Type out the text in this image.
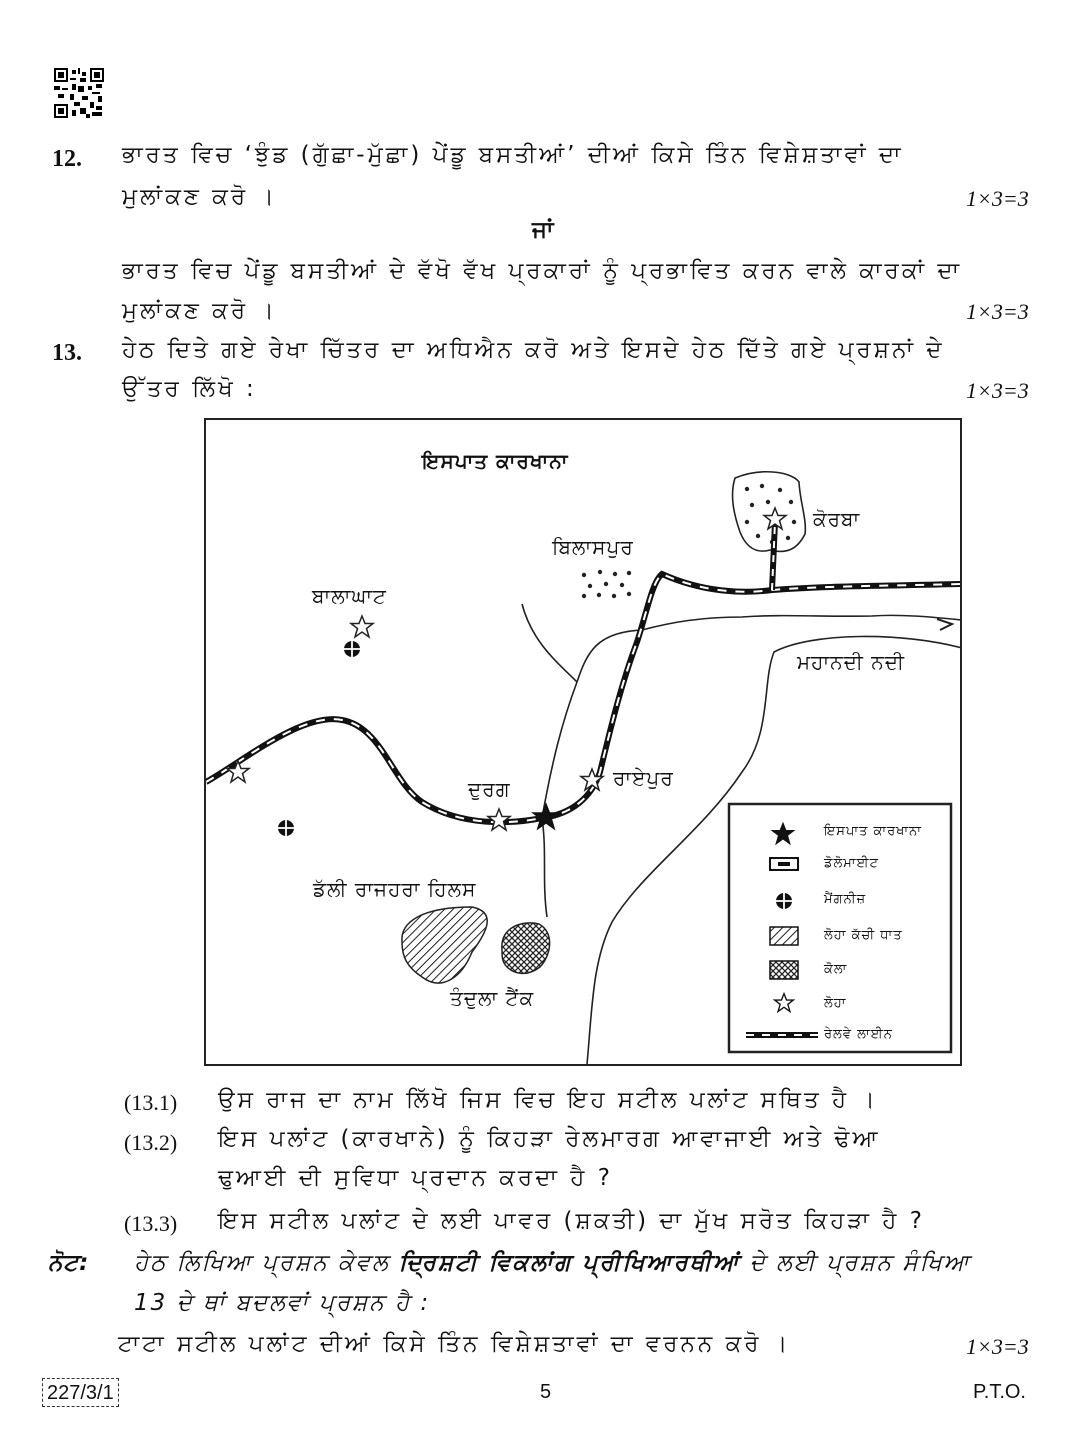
12. ਭਾਰਤ ਵਿਚ ‘ਝੁੰਡ (ਗੁੱਛਾ-ਮੁੱਛਾ) ਪੇਂਡੂ ਬਸਤੀਆਂ’ ਦੀਆਂ ਕਿਸੇ ਤਿੰਨ ਵਿਸ਼ੇਸ਼ਤਾਵਾਂ ਦਾ
ਮੁਲਾਂਕਣ ਕਰੋ ।	1×3=3
ਜਾਂ
ਭਾਰਤ ਵਿਚ ਪੇਂਡੂ ਬਸਤੀਆਂ ਦੇ ਵੱਖੋ ਵੱਖ ਪ੍ਰਕਾਰਾਂ ਨੂੰ ਪ੍ਰਭਾਵਿਤ ਕਰਨ ਵਾਲੇ ਕਾਰਕਾਂ ਦਾ
ਮੁਲਾਂਕਣ ਕਰੋ ।	1×3=3
13. ਹੇਠ ਦਿਤੇ ਗਏ ਰੇਖਾ ਚਿੱਤਰ ਦਾ ਅਧਿਐਨ ਕਰੋ ਅਤੇ ਇਸਦੇ ਹੇਠ ਦਿੱਤੇ ਗਏ ਪ੍ਰਸ਼ਨਾਂ ਦੇ
ਉੱਤਰ ਲਿੱਖੋ :	1×3=3
ਇਸਪਾਤ ਕਾਰਖਾਨਾ
ਕੋਰਬਾ
ਬਿਲਾਸਪੁਰ
ਬਾਲਾਘਾਟ
ਮਹਾਨਦੀ ਨਦੀ
ਦੁਰਗ	ਰਾਏਪੁਰ
ਡੱਲੀ ਰਾਜਹਰਾ ਹਿਲਸ
ਤੰਦੁਲਾ ਟੈਂਕ
ਇਸਪਾਤ ਕਾਰਖਾਨਾ
ਡੋਲੋਮਾਈਟ
ਮੈਂਗਨੀਜ਼
ਲੋਹਾ ਕੱਚੀ ਧਾਤ
ਕੋਲਾ
ਲੋਹਾ
ਰੇਲਵੇ ਲਾਈਨ
(13.1) ਉਸ ਰਾਜ ਦਾ ਨਾਮ ਲਿੱਖੋ ਜਿਸ ਵਿਚ ਇਹ ਸਟੀਲ ਪਲਾਂਟ ਸਥਿਤ ਹੈ ।
(13.2) ਇਸ ਪਲਾਂਟ (ਕਾਰਖਾਨੇ) ਨੂੰ ਕਿਹੜਾ ਰੇਲਮਾਰਗ ਆਵਾਜਾਈ ਅਤੇ ਢੋਆ
ਢੁਆਈ ਦੀ ਸੁਵਿਧਾ ਪ੍ਰਦਾਨ ਕਰਦਾ ਹੈ ?
(13.3) ਇਸ ਸਟੀਲ ਪਲਾਂਟ ਦੇ ਲਈ ਪਾਵਰ (ਸ਼ਕਤੀ) ਦਾ ਮੁੱਖ ਸਰੋਤ ਕਿਹੜਾ ਹੈ ?
ਨੋਟ: ਹੇਠ ਲਿਖਿਆ ਪ੍ਰਸ਼ਨ ਕੇਵਲ ਦ੍ਰਿਸ਼ਟੀ ਵਿਕਲਾਂਗ ਪ੍ਰੀਖਿਆਰਥੀਆਂ ਦੇ ਲਈ ਪ੍ਰਸ਼ਨ ਸੰਖਿਆ
13 ਦੇ ਥਾਂ ਬਦਲਵਾਂ ਪ੍ਰਸ਼ਨ ਹੈ :
ਟਾਟਾ ਸਟੀਲ ਪਲਾਂਟ ਦੀਆਂ ਕਿਸੇ ਤਿੰਨ ਵਿਸ਼ੇਸ਼ਤਾਵਾਂ ਦਾ ਵਰਨਨ ਕਰੋ ।	1×3=3
227/3/1	5	P.T.O.
